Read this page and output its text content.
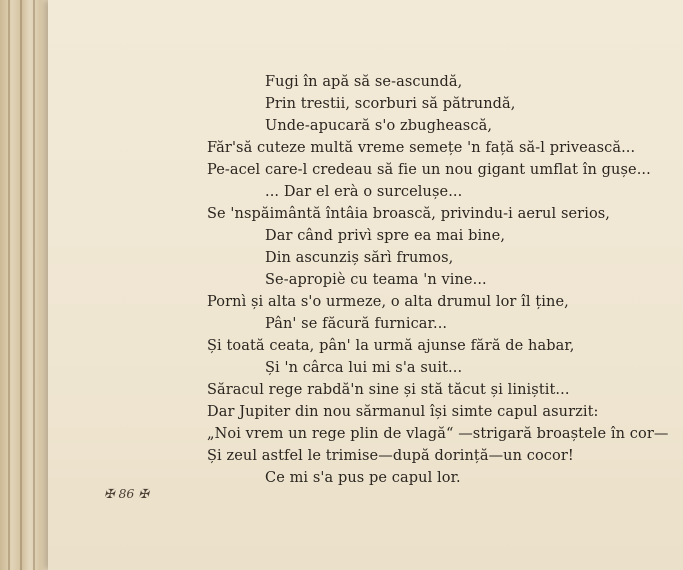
Fugi în apă să se-ascundă,
Prin trestii, scorburi să pătrundă,
Unde-apucară s'o zbughească,
Făr'să cuteze multă vreme semețe 'n față să-l privească...
Pe-acel care-l credeau să fie un nou gigant umflat în gușe...
... Dar el erà o surcelușe...
Se 'nspăimântă întâia broască, privindu-i aerul serios,
Dar când privì spre ea mai bine,
Din ascunziș sărì frumos,
Se-apropiè cu teama 'n vine...
Pornì și alta s'o urmeze, o alta drumul lor îl ține,
Pân' se făcură furnicar...
Și toată ceata, pân' la urmă ajunse fără de habar,
Și 'n cârca lui mi s'a suit...
Săracul rege rabdă'n sine și stă tăcut și liniștit...
Dar Jupiter din nou sărmanul își simte capul asurzit:
„Noi vrem un rege plin de vlagă“ —strigară broaștele în cor—
Și zeul astfel le trimise—după dorință—un cocor!
Ce mi s'a pus pe capul lor.
✠ 86 ✠
